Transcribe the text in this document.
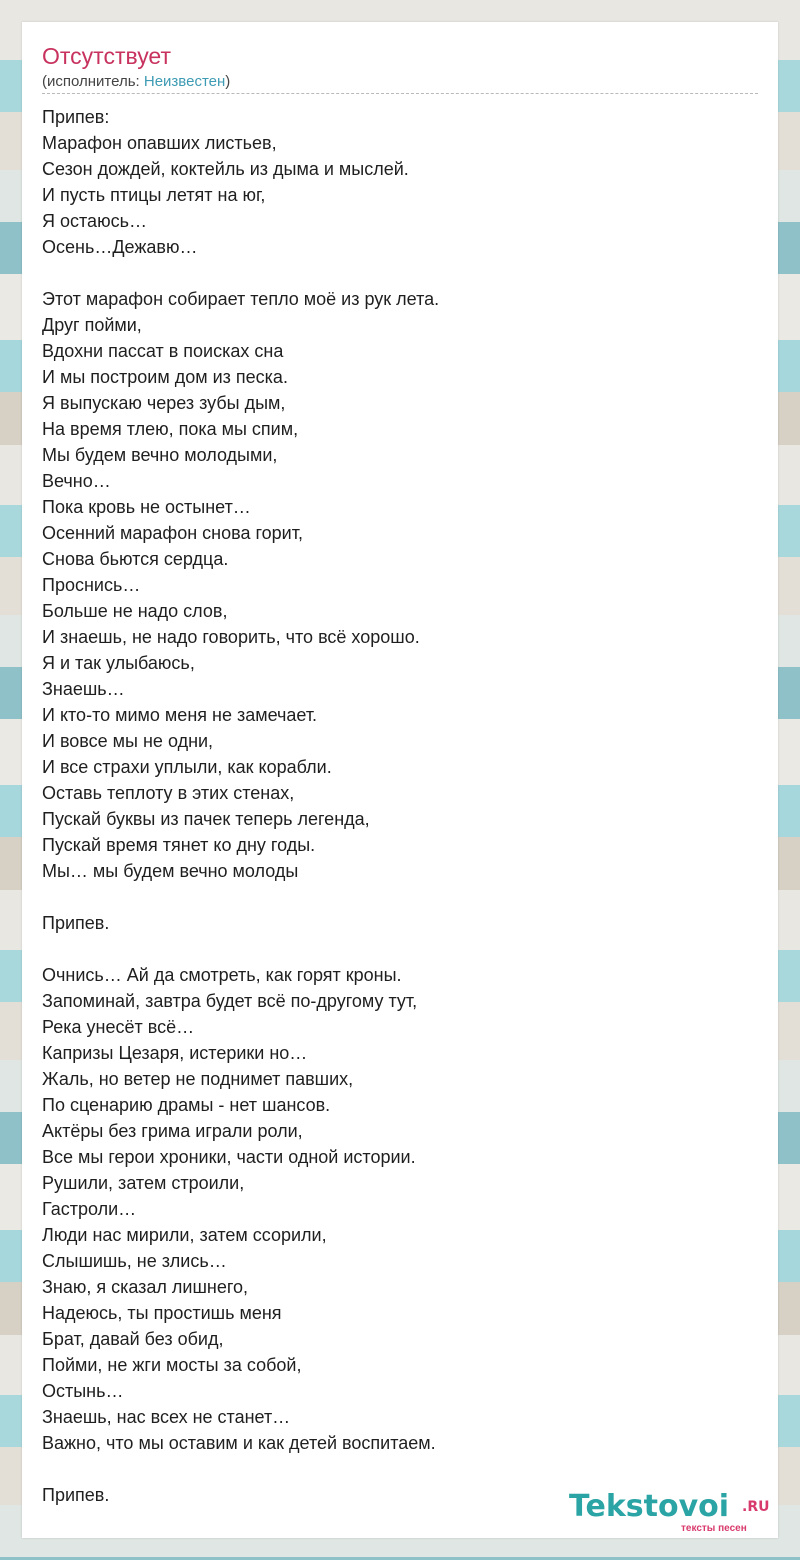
Отсутствует
(исполнитель: Неизвестен)
Припев:
Марафон опавших листьев,
Сезон дождей, коктейль из дыма и мыслей.
И пусть птицы летят на юг,
Я остаюсь…
Осень…Дежавю…
Этот марафон собирает тепло моё из рук лета.
Друг пойми,
Вдохни пассат в поисках сна
И мы построим дом из песка.
Я выпускаю через зубы дым,
На время тлею, пока мы спим,
Мы будем вечно молодыми,
Вечно…
Пока кровь не остынет…
Осенний марафон снова горит,
Снова бьются сердца.
Проснись…
Больше не надо слов,
И знаешь, не надо говорить, что всё хорошо.
Я и так улыбаюсь,
Знаешь…
И кто-то мимо меня не замечает.
И вовсе мы не одни,
И все страхи уплыли, как корабли.
Оставь теплоту в этих стенах,
Пускай буквы из пачек теперь легенда,
Пускай время тянет ко дну годы.
Мы… мы будем вечно молоды
Припев.
Очнись… Ай да смотреть, как горят кроны.
Запоминай, завтра будет всё по-другому тут,
Река унесёт всё…
Капризы Цезаря, истерики но…
Жаль, но ветер не поднимет павших,
По сценарию драмы - нет шансов.
Актёры без грима играли роли,
Все мы герои хроники, части одной истории.
Рушили, затем строили,
Гастроли…
Люди нас мирили, затем ссорили,
Слышишь, не злись…
Знаю, я сказал лишнего,
Надеюсь, ты простишь меня
Брат, давай без обид,
Пойми, не жги мосты за собой,
Остынь…
Знаешь, нас всех не станет…
Важно, что мы оставим и как детей воспитаем.
Припев.	Tekstovoi .RU
тексты песен
